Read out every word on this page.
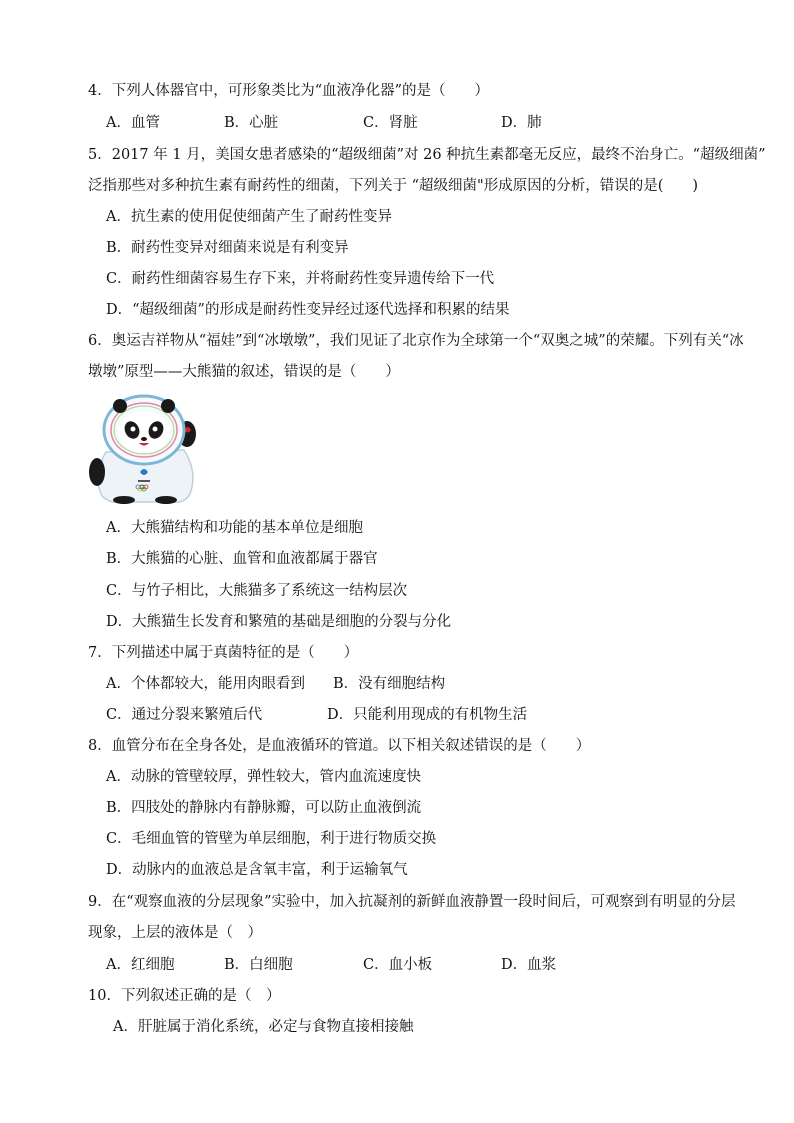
4．下列人体器官中，可形象类比为“血液净化器”的是（　　）
A．血管	B．心脏	C．肾脏	D．肺
5．2017 年 1 月，美国女患者感染的“超级细菌”对 26 种抗生素都毫无反应，最终不治身亡。“超级细菌”
泛指那些对多种抗生素有耐药性的细菌，下列关于 “超级细菌"形成原因的分析，错误的是(　　)
A．抗生素的使用促使细菌产生了耐药性变异
B．耐药性变异对细菌来说是有利变异
C．耐药性细菌容易生存下来，并将耐药性变异遗传给下一代
D．“超级细菌”的形成是耐药性变异经过逐代选择和积累的结果
6．奥运吉祥物从“福娃”到“冰墩墩”，我们见证了北京作为全球第一个“双奥之城”的荣耀。下列有关“冰
墩墩”原型——大熊猫的叙述，错误的是（　　）
A．大熊猫结构和功能的基本单位是细胞
B．大熊猫的心脏、血管和血液都属于器官
C．与竹子相比，大熊猫多了系统这一结构层次
D．大熊猫生长发育和繁殖的基础是细胞的分裂与分化
7．下列描述中属于真菌特征的是（　　）
A．个体都较大，能用肉眼看到 B．没有细胞结构
C．通过分裂来繁殖后代	D．只能利用现成的有机物生活
8．血管分布在全身各处，是血液循环的管道。以下相关叙述错误的是（　　）
A．动脉的管壁较厚，弹性较大，管内血流速度快
B．四肢处的静脉内有静脉瓣，可以防止血液倒流
C．毛细血管的管壁为单层细胞，利于进行物质交换
D．动脉内的血液总是含氧丰富，利于运输氧气
9．在“观察血液的分层现象”实验中，加入抗凝剂的新鲜血液静置一段时间后，可观察到有明显的分层
现象，上层的液体是（　）
A．红细胞	B．白细胞	C．血小板	D．血浆
10．下列叙述正确的是（　）
A．肝脏属于消化系统，必定与食物直接相接触
